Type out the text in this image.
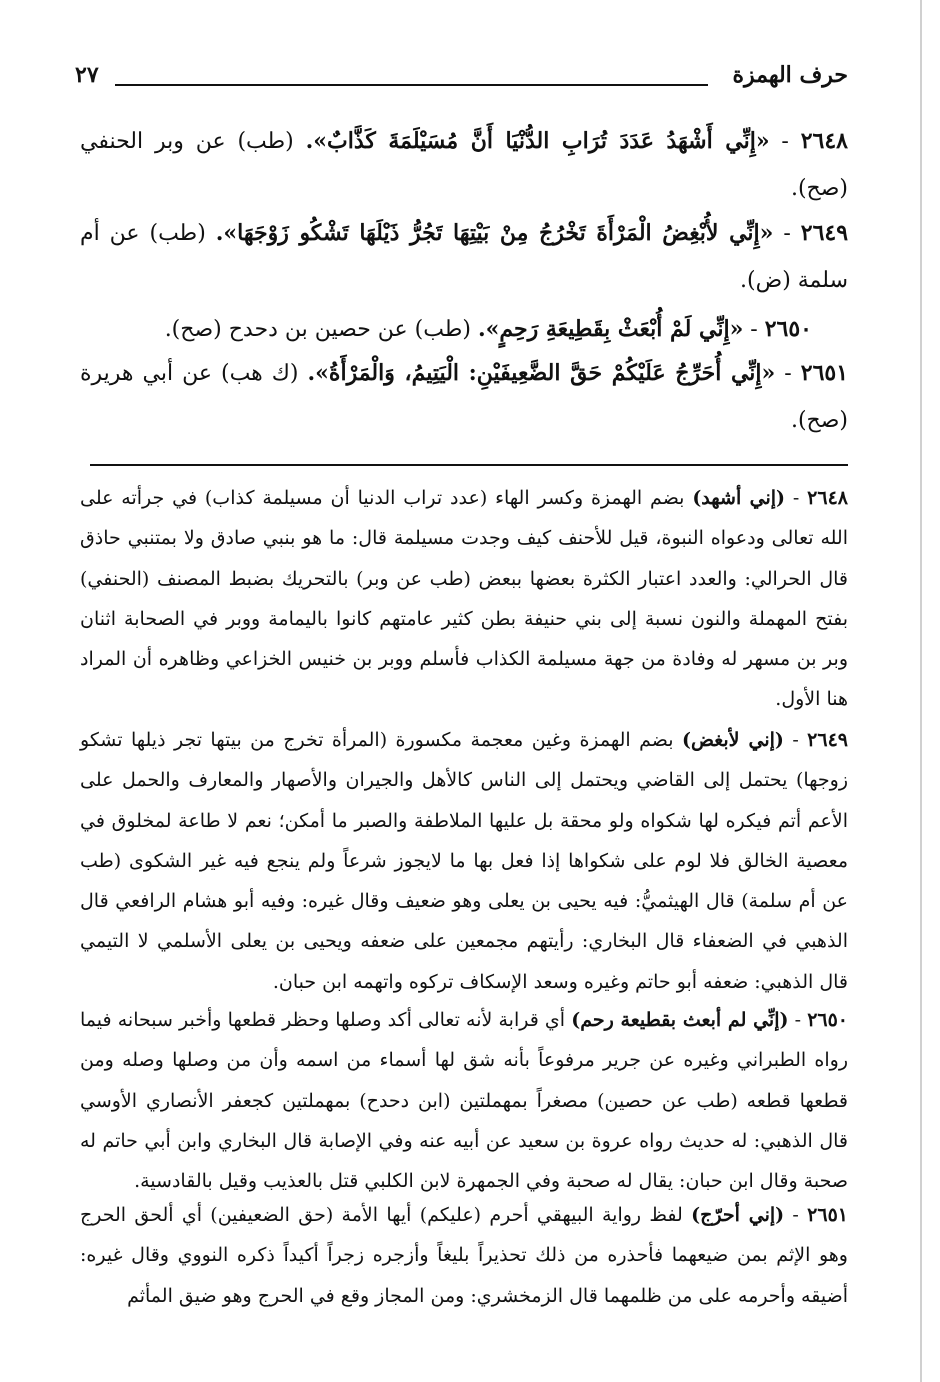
حرف الهمزة
٢٧
٢٦٤٨ - «إِنِّي أَشْهَدُ عَدَدَ تُرَابِ الدُّنْيَا أَنَّ مُسَيْلَمَةَ كَذَّابٌ». (طب) عن وبر الحنفي (صح).
٢٦٤٩ - «إِنِّي لأُبْغِضُ الْمَرْأَةَ تَخْرُجُ مِنْ بَيْتِهَا تَجُرُّ ذَيْلَهَا تَشْكُو زَوْجَهَا». (طب) عن أم سلمة (ض).
٢٦٥٠ - «إِنِّي لَمْ أُبْعَثْ بِقَطِيعَةِ رَحِمٍ». (طب) عن حصين بن دحدح (صح).
٢٦٥١ - «إِنِّي أُحَرِّجُ عَلَيْكُمْ حَقَّ الضَّعِيفَيْنِ: الْيَتِيمُ، وَالْمَرْأَةُ». (ك هب) عن أبي هريرة (صح).
٢٦٤٨ - (إني أشهد) بضم الهمزة وكسر الهاء (عدد تراب الدنيا أن مسيلمة كذاب) في جرأته على الله تعالى ودعواه النبوة، قيل للأحنف كيف وجدت مسيلمة قال: ما هو بنبي صادق ولا بمتنبي حاذق قال الحرالي: والعدد اعتبار الكثرة بعضها ببعض (طب عن وبر) بالتحريك بضبط المصنف (الحنفي) بفتح المهملة والنون نسبة إلى بني حنيفة بطن كثير عامتهم كانوا باليمامة ووبر في الصحابة اثنان وبر بن مسهر له وفادة من جهة مسيلمة الكذاب فأسلم ووبر بن خنيس الخزاعي وظاهره أن المراد هنا الأول.
٢٦٤٩ - (إني لأبغض) بضم الهمزة وغين معجمة مكسورة (المرأة تخرج من بيتها تجر ذيلها تشكو زوجها) يحتمل إلى القاضي ويحتمل إلى الناس كالأهل والجيران والأصهار والمعارف والحمل على الأعم أتم فيكره لها شكواه ولو محقة بل عليها الملاطفة والصبر ما أمكن؛ نعم لا طاعة لمخلوق في معصية الخالق فلا لوم على شكواها إذا فعل بها ما لايجوز شرعاً ولم ينجع فيه غير الشكوى (طب عن أم سلمة) قال الهيثميُّ: فيه يحيى بن يعلى وهو ضعيف وقال غيره: وفيه أبو هشام الرافعي قال الذهبي في الضعفاء قال البخاري: رأيتهم مجمعين على ضعفه ويحيى بن يعلى الأسلمي لا التيمي قال الذهبي: ضعفه أبو حاتم وغيره وسعد الإسكاف تركوه واتهمه ابن حبان.
٢٦٥٠ - (إنِّي لم أبعث بقطيعة رحم) أي قرابة لأنه تعالى أكد وصلها وحظر قطعها وأخبر سبحانه فيما رواه الطبراني وغيره عن جرير مرفوعاً بأنه شق لها أسماء من اسمه وأن من وصلها وصله ومن قطعها قطعه (طب عن حصين) مصغراً بمهملتين (ابن دحدح) بمهملتين كجعفر الأنصاري الأوسي قال الذهبي: له حديث رواه عروة بن سعيد عن أبيه عنه وفي الإصابة قال البخاري وابن أبي حاتم له صحبة وقال ابن حبان: يقال له صحبة وفي الجمهرة لابن الكلبي قتل بالعذيب وقيل بالقادسية.
٢٦٥١ - (إني أحرّج) لفظ رواية البيهقي أحرم (عليكم) أيها الأمة (حق الضعيفين) أي ألحق الحرج وهو الإثم بمن ضيعهما فأحذره من ذلك تحذيراً بليغاً وأزجره زجراً أكيداً ذكره النووي وقال غيره: أضيقه وأحرمه على من ظلمهما قال الزمخشري: ومن المجاز وقع في الحرج وهو ضيق المأثم
